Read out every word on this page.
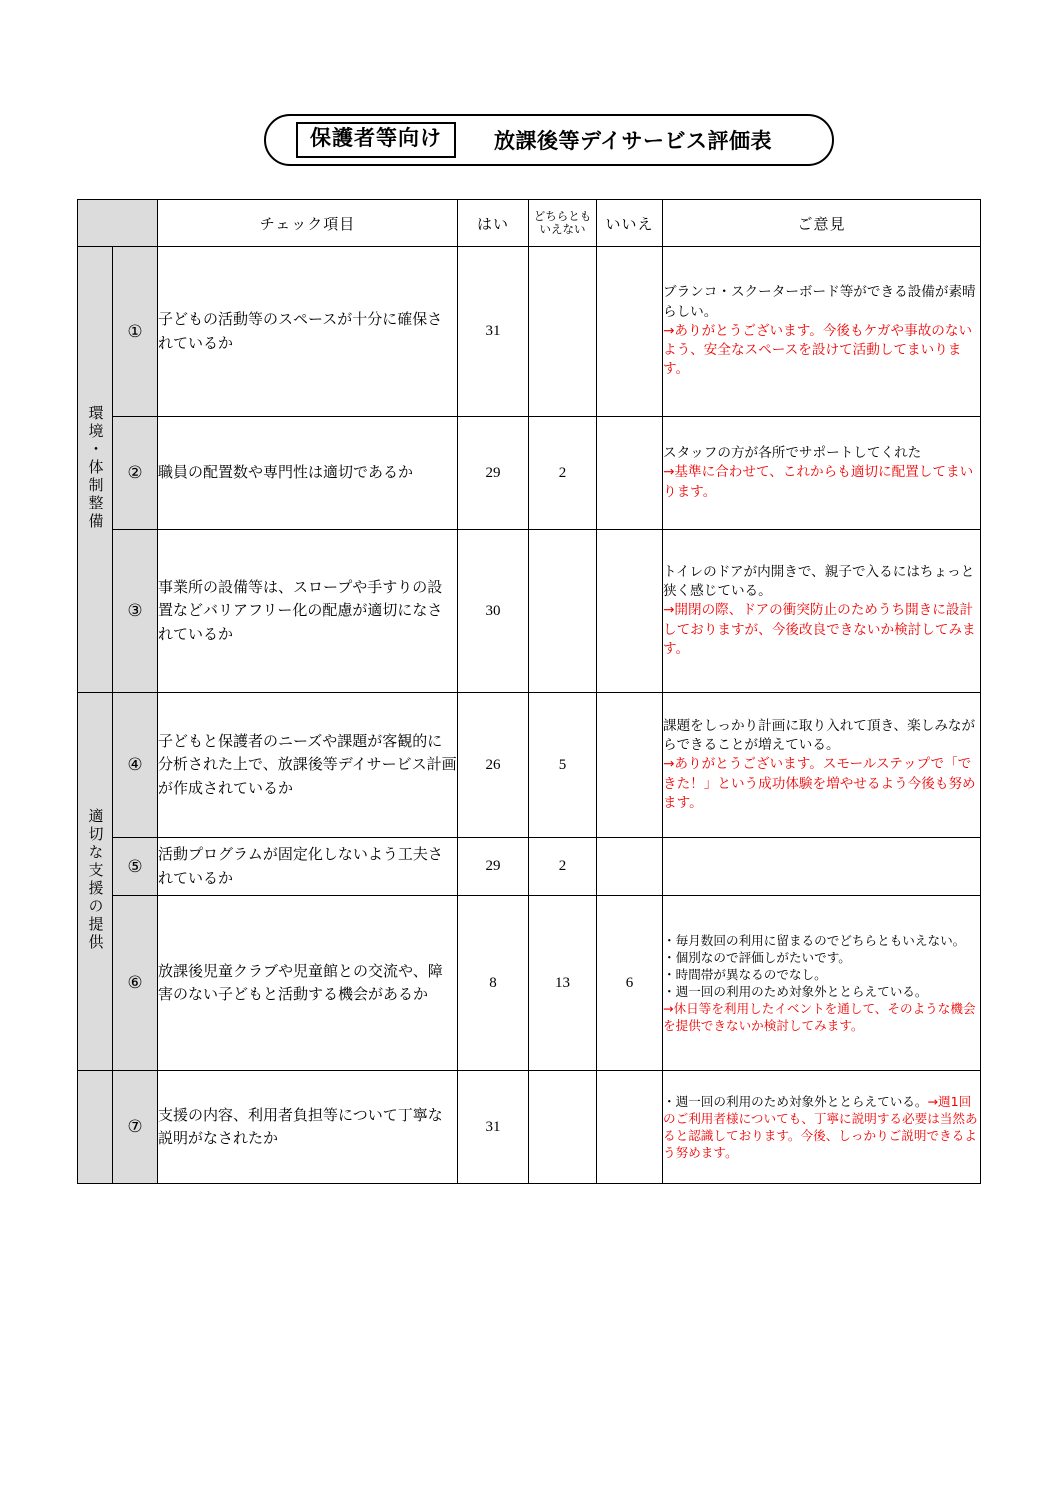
保護者等向け	放課後等デイサービス評価表
		チェック項目	はい	どちらとも
いえない	いいえ	ご意見
環境・体制整備	①	子どもの活動等のスペースが十分に確保されているか	31			ブランコ・スクーターボード等ができる設備が素晴らしい。
→ありがとうございます。今後もケガや事故のないよう、安全なスペースを設けて活動してまいります。

	②	職員の配置数や専門性は適切であるか	29	2		スタッフの方が各所でサポートしてくれた
→基準に合わせて、これからも適切に配置してまいります。

	③	事業所の設備等は、スロープや手すりの設置などバリアフリー化の配慮が適切になされているか	30			トイレのドアが内開きで、親子で入るにはちょっと狭く感じている。
→開閉の際、ドアの衝突防止のためうち開きに設計しておりますが、今後改良できないか検討してみます。

適切な支援の提供	④	子どもと保護者のニーズや課題が客観的に分析された上で、放課後等デイサービス計画が作成されているか	26	5		課題をしっかり計画に取り入れて頂き、楽しみながらできることが増えている。
→ありがとうございます。スモールステップで「できた！」という成功体験を増やせるよう今後も努めます。

	⑤	活動プログラムが固定化しないよう工夫されているか	29	2		
	⑥	放課後児童クラブや児童館との交流や、障害のない子どもと活動する機会があるか	8	13	6	・毎月数回の利用に留まるのでどちらともいえない。
・個別なので評価しがたいです。
・時間帯が異なるのでなし。
・週一回の利用のため対象外ととらえている。
→休日等を利用したイベントを通して、そのような機会を提供できないか検討してみます。

	⑦	支援の内容、利用者負担等について丁寧な説明がなされたか	31			・週一回の利用のため対象外ととらえている。→週1回のご利用者様についても、丁寧に説明する必要は当然あると認識しております。今後、しっかりご説明できるよう努めます。
